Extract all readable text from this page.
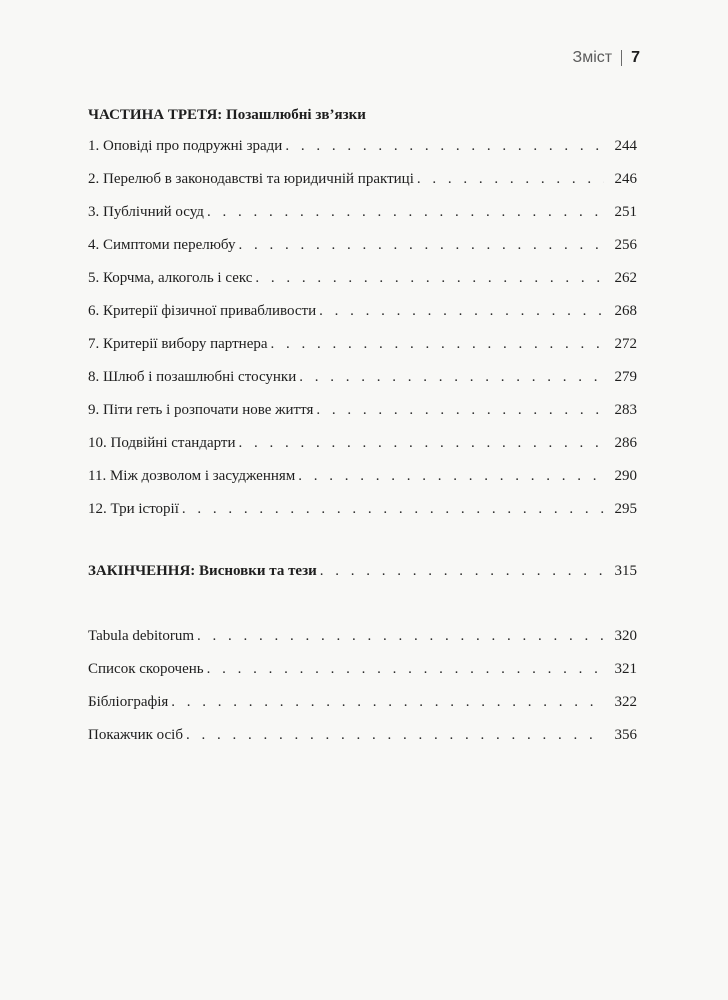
Зміст 7
ЧАСТИНА ТРЕТЯ: Позашлюбні зв’язки
1. Оповіді про подружні зради . . .	244
2. Перелюб в законодавстві та юридичній практиці . . .	246
3. Публічний осуд . . .	251
4. Симптоми перелюбу . . .	256
5. Корчма, алкоголь і секс . . .	262
6. Критерії фізичної привабливости . . .	268
7. Критерії вибору партнера . . .	272
8. Шлюб і позашлюбні стосунки . . .	279
9. Піти геть і розпочати нове життя . . .	283
10. Подвійні стандарти . . .	286
11. Між дозволом і засудженням . . .	290
12. Три історії . . .	295
ЗАКІНЧЕННЯ: Висновки та тези . . .	315
Tabula debitorum . . .	320
Список скорочень . . .	321
Бібліографія . . .	322
Покажчик осіб . . .	356
